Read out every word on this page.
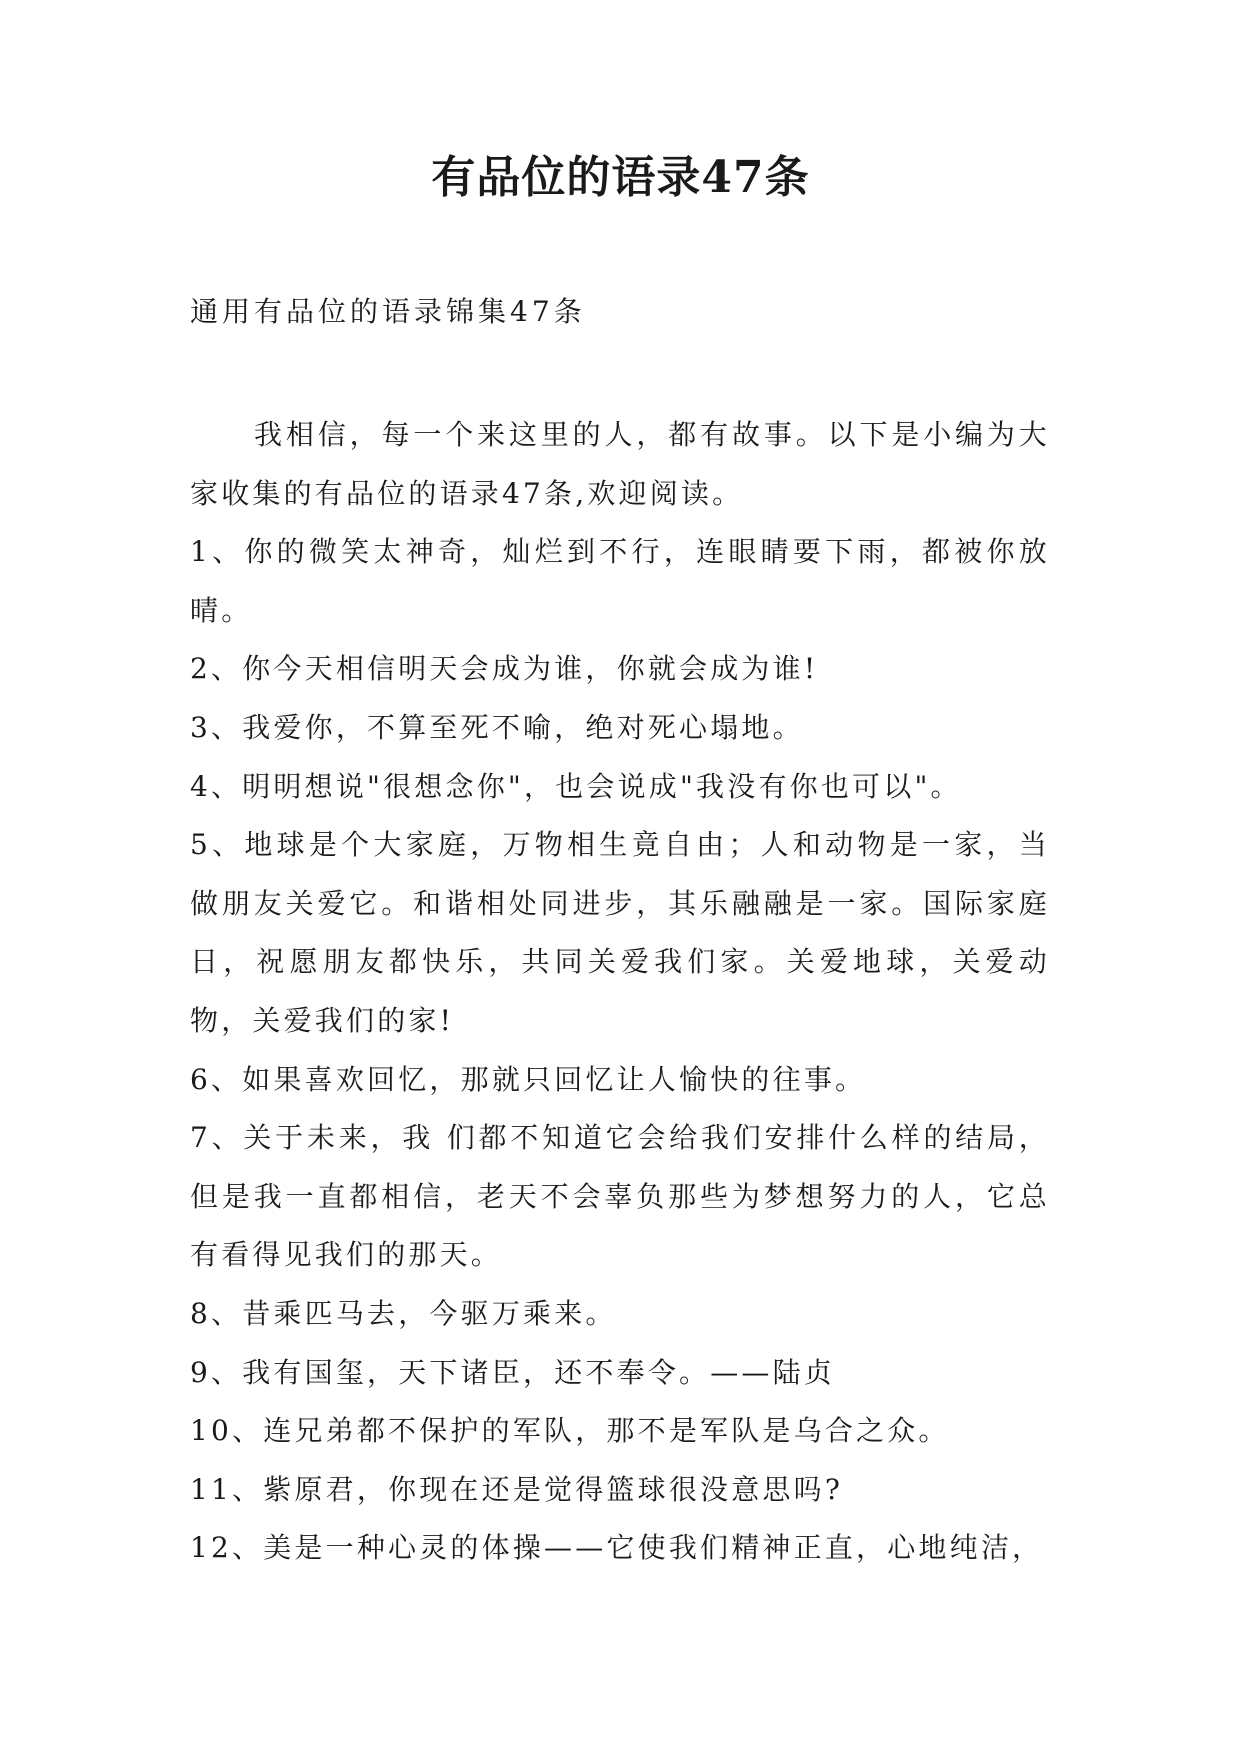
有品位的语录47条
通用有品位的语录锦集47条

我相信，每一个来这里的人，都有故事。以下是小编为大家收集的有品位的语录47条,欢迎阅读。

1、你的微笑太神奇，灿烂到不行，连眼睛要下雨，都被你放晴。

2、你今天相信明天会成为谁，你就会成为谁!

3、我爱你，不算至死不喻，绝对死心塌地。

4、明明想说"很想念你"，也会说成"我没有你也可以"。

5、地球是个大家庭，万物相生竟自由；人和动物是一家，当做朋友关爱它。和谐相处同进步，其乐融融是一家。国际家庭日，祝愿朋友都快乐，共同关爱我们家。关爱地球，关爱动物，关爱我们的家!

6、如果喜欢回忆，那就只回忆让人愉快的往事。

7、关于未来，我 们都不知道它会给我们安排什么样的结局，但是我一直都相信，老天不会辜负那些为梦想努力的人，它总有看得见我们的那天。

8、昔乘匹马去，今驱万乘来。

9、我有国玺，天下诸臣，还不奉令。——陆贞

10、连兄弟都不保护的军队，那不是军队是乌合之众。

11、紫原君，你现在还是觉得篮球很没意思吗?

12、美是一种心灵的体操——它使我们精神正直，心地纯洁，
